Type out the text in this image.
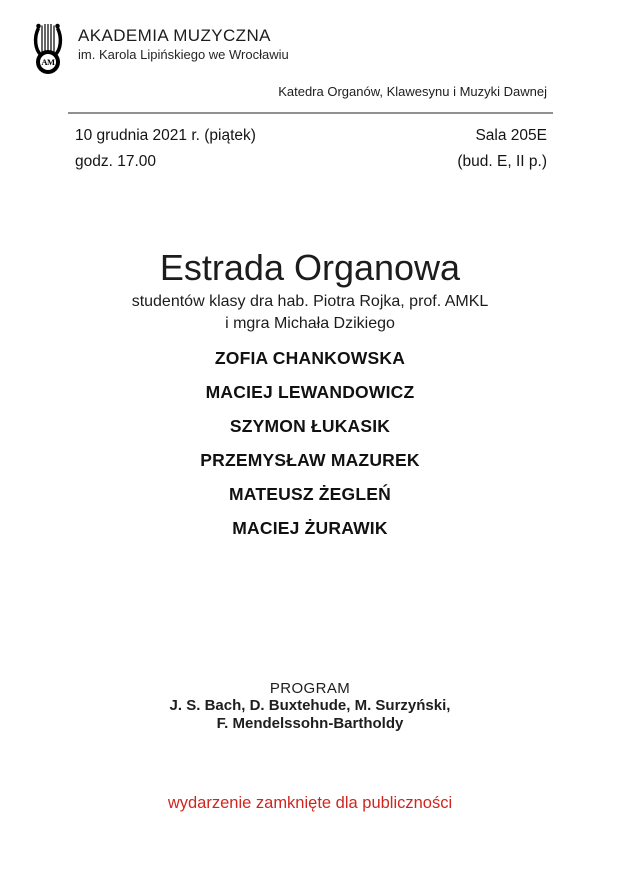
AM
AKADEMIA MUZYCZNA
im. Karola Lipińskiego we Wrocławiu
Katedra Organów, Klawesynu i Muzyki Dawnej
10 grudnia 2021 r. (piątek)
godz. 17.00
Sala 205E
(bud. E, II p.)
Estrada Organowa
studentów klasy dra hab. Piotra Rojka, prof. AMKL
i mgra Michała Dzikiego
ZOFIA CHANKOWSKA
MACIEJ LEWANDOWICZ
SZYMON ŁUKASIK
PRZEMYSŁAW MAZUREK
MATEUSZ ŻEGLEŃ
MACIEJ ŻURAWIK
PROGRAM
J. S. Bach, D. Buxtehude, M. Surzyński,
F. Mendelssohn-Bartholdy
wydarzenie zamknięte dla publiczności
